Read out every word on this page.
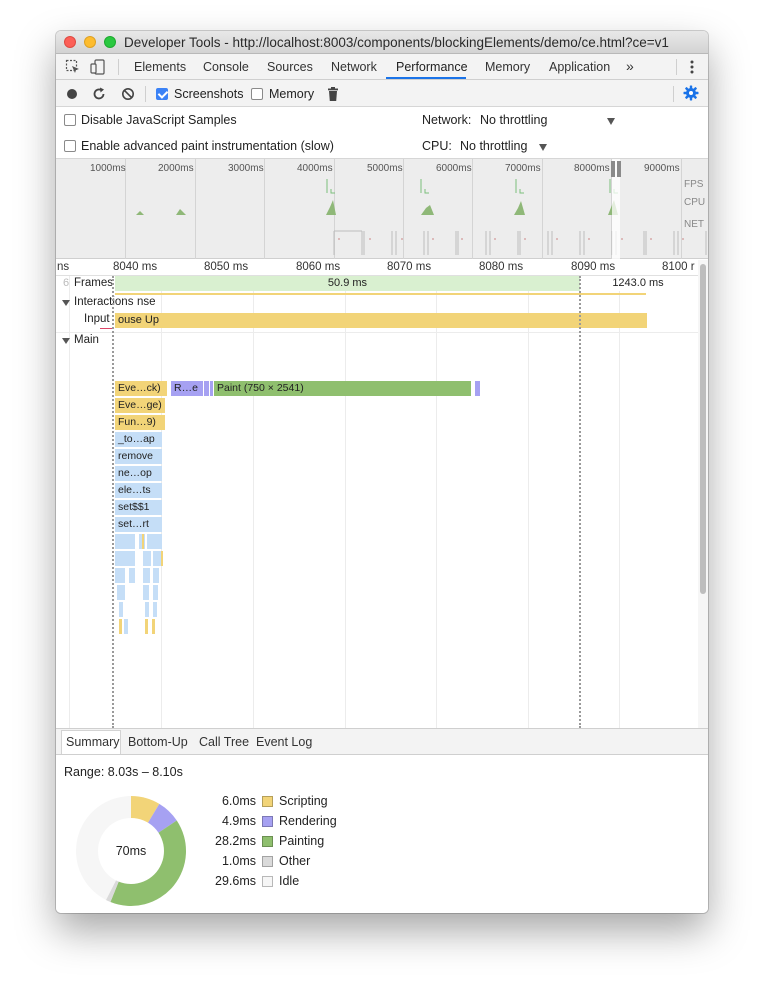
Developer Tools - http://localhost:8003/components/blockingElements/demo/ce.html?ce=v1
Elements Console Sources Network Performance Memory Application »
Screenshots Memory
Disable JavaScript Samples
Enable advanced paint instrumentation (slow)
Network: No throttling
CPU: No throttling
1000ms	2000ms	3000ms	4000ms	5000ms	6000ms	7000ms	8000ms	9000ms
FPS
CPU
NET
ns	8040 ms	8050 ms	8060 ms	8070 ms	8080 ms	8090 ms	8100 r
6 Frames	50.9 ms	1243.0 ms
Interactions nse
Input ouse Up
Main
Eve…ck)	R…e	Paint (750 × 2541)
Eve…ge)
Fun…9)
_to…ap
remove
ne…op
ele…ts
set$$1
set…rt
Summary Bottom-Up Call Tree Event Log
Range: 8.03s – 8.10s
70ms
6.0ms Scripting
4.9ms Rendering
28.2ms Painting
1.0ms Other
29.6ms Idle
